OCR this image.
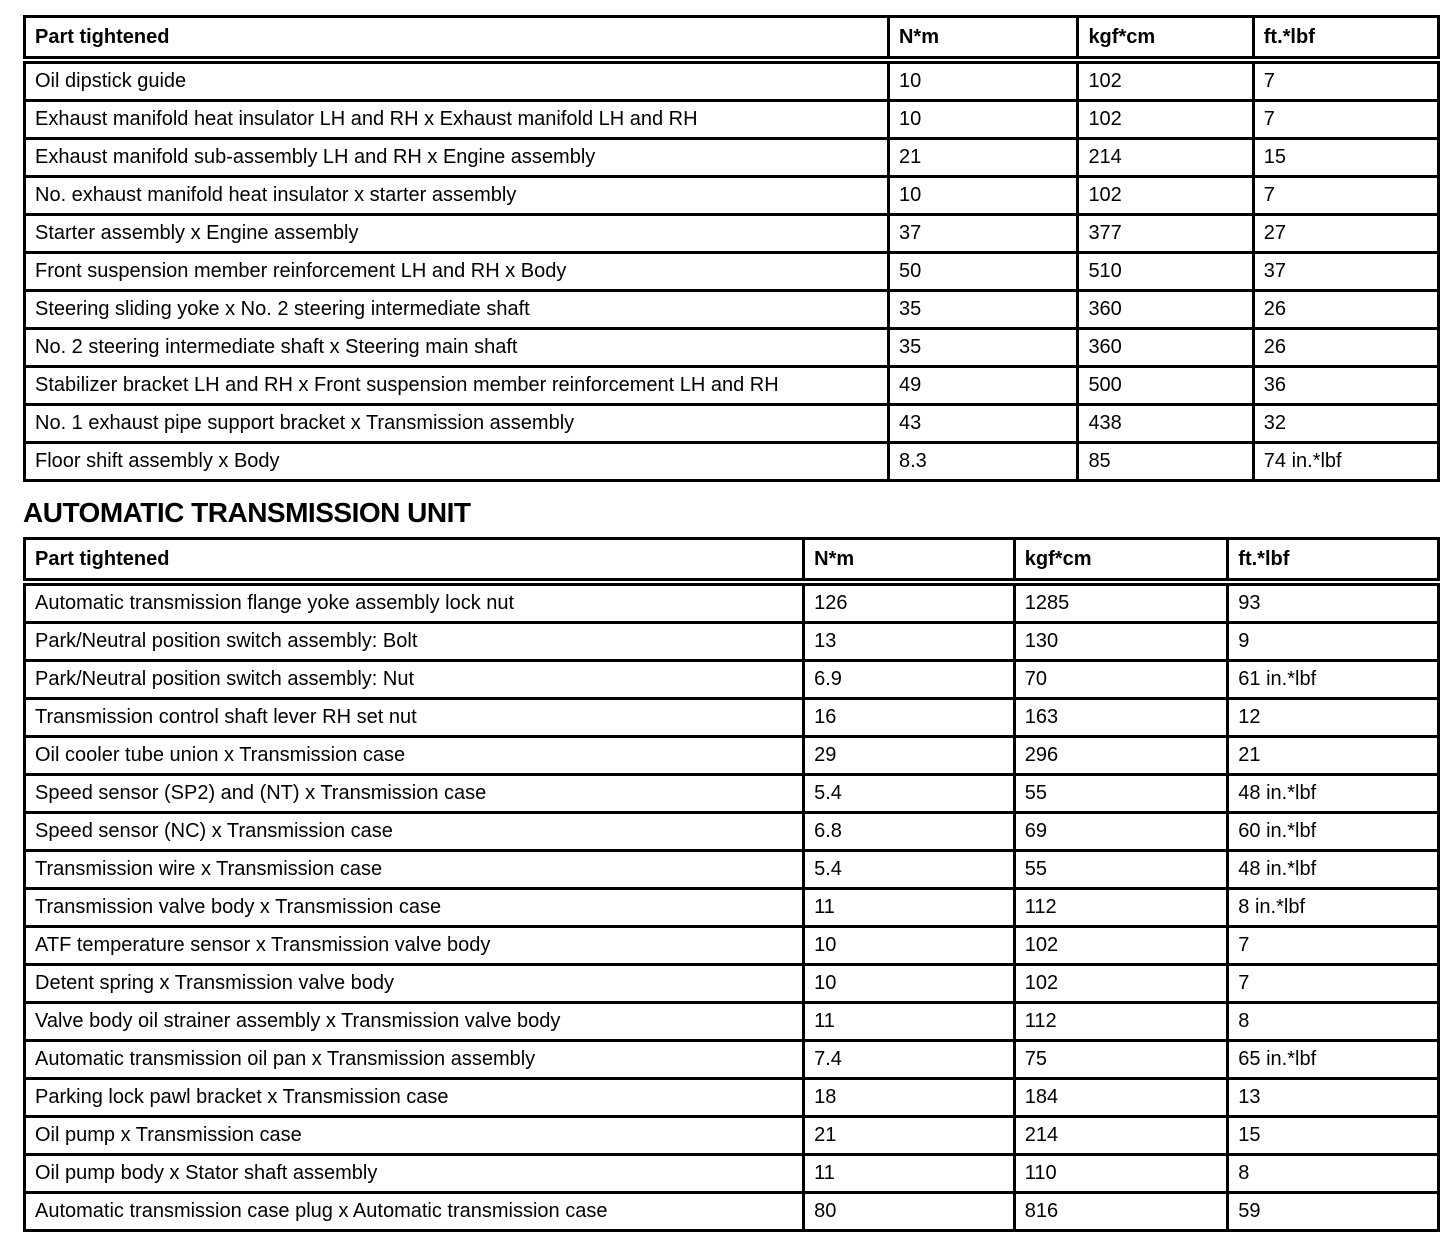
Part tightened	N*m	kgf*cm	ft.*lbf
Oil dipstick guide	10	102	7
Exhaust manifold heat insulator LH and RH x Exhaust manifold LH and RH	10	102	7
Exhaust manifold sub-assembly LH and RH x Engine assembly	21	214	15
No. exhaust manifold heat insulator x starter assembly	10	102	7
Starter assembly x Engine assembly	37	377	27
Front suspension member reinforcement LH and RH x Body	50	510	37
Steering sliding yoke x No. 2 steering intermediate shaft	35	360	26
No. 2 steering intermediate shaft x Steering main shaft	35	360	26
Stabilizer bracket LH and RH x Front suspension member reinforcement LH and RH	49	500	36
No. 1 exhaust pipe support bracket x Transmission assembly	43	438	32
Floor shift assembly x Body	8.3	85	74 in.*lbf
AUTOMATIC TRANSMISSION UNIT
Part tightened	N*m	kgf*cm	ft.*lbf
Automatic transmission flange yoke assembly lock nut	126	1285	93
Park/Neutral position switch assembly: Bolt	13	130	9
Park/Neutral position switch assembly: Nut	6.9	70	61 in.*lbf
Transmission control shaft lever RH set nut	16	163	12
Oil cooler tube union x Transmission case	29	296	21
Speed sensor (SP2) and (NT) x Transmission case	5.4	55	48 in.*lbf
Speed sensor (NC) x Transmission case	6.8	69	60 in.*lbf
Transmission wire x Transmission case	5.4	55	48 in.*lbf
Transmission valve body x Transmission case	11	112	8 in.*lbf
ATF temperature sensor x Transmission valve body	10	102	7
Detent spring x Transmission valve body	10	102	7
Valve body oil strainer assembly x Transmission valve body	11	112	8
Automatic transmission oil pan x Transmission assembly	7.4	75	65 in.*lbf
Parking lock pawl bracket x Transmission case	18	184	13
Oil pump x Transmission case	21	214	15
Oil pump body x Stator shaft assembly	11	110	8
Automatic transmission case plug x Automatic transmission case	80	816	59
